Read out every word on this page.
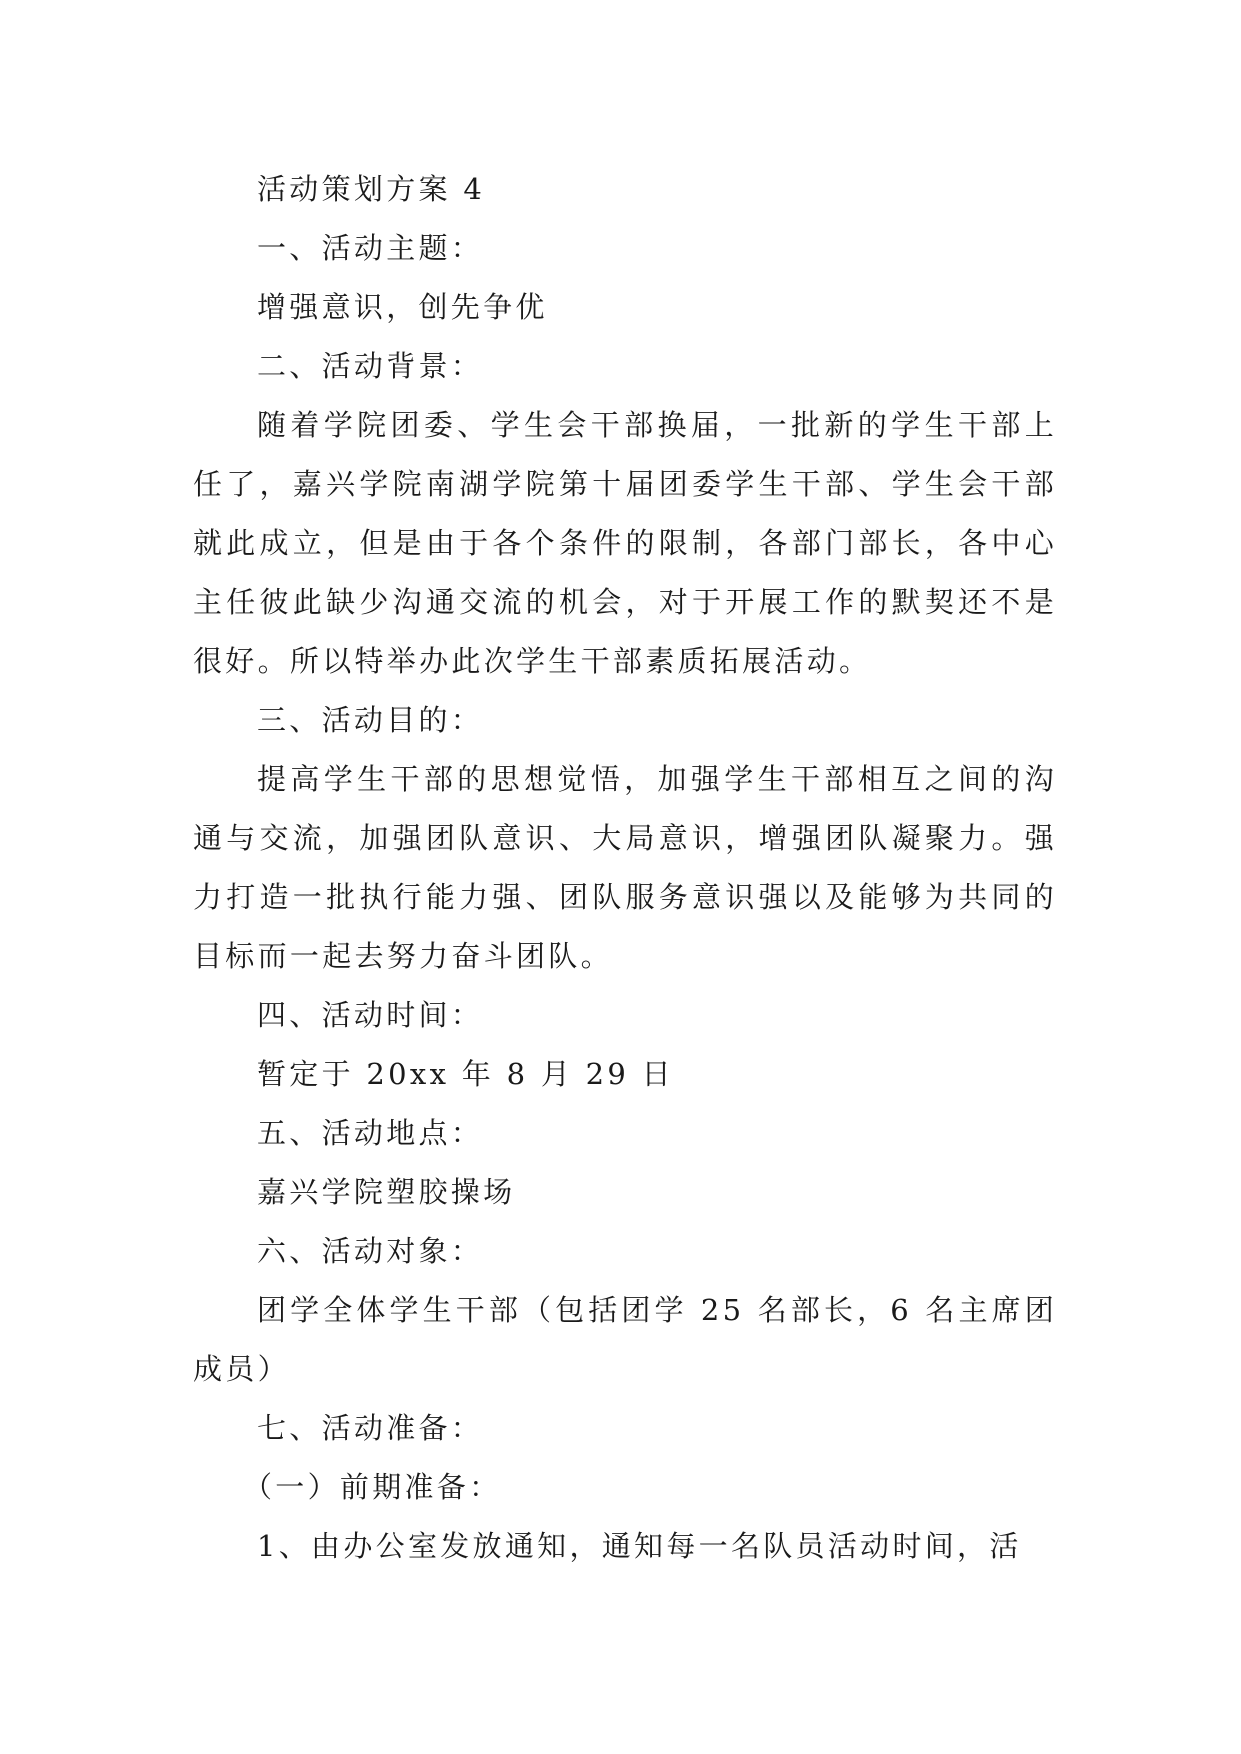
活动策划方案 4
一、活动主题：
增强意识，创先争优
二、活动背景：
随着学院团委、学生会干部换届，一批新的学生干部上任了，嘉兴学院南湖学院第十届团委学生干部、学生会干部就此成立，但是由于各个条件的限制，各部门部长，各中心主任彼此缺少沟通交流的机会，对于开展工作的默契还不是很好。所以特举办此次学生干部素质拓展活动。
三、活动目的：
提高学生干部的思想觉悟，加强学生干部相互之间的沟通与交流，加强团队意识、大局意识，增强团队凝聚力。强力打造一批执行能力强、团队服务意识强以及能够为共同的目标而一起去努力奋斗团队。
四、活动时间：
暂定于 20xx 年 8 月 29 日
五、活动地点：
嘉兴学院塑胶操场
六、活动对象：
团学全体学生干部（包括团学 25 名部长，6 名主席团成员）
七、活动准备：
（一）前期准备：
1、由办公室发放通知，通知每一名队员活动时间，活
